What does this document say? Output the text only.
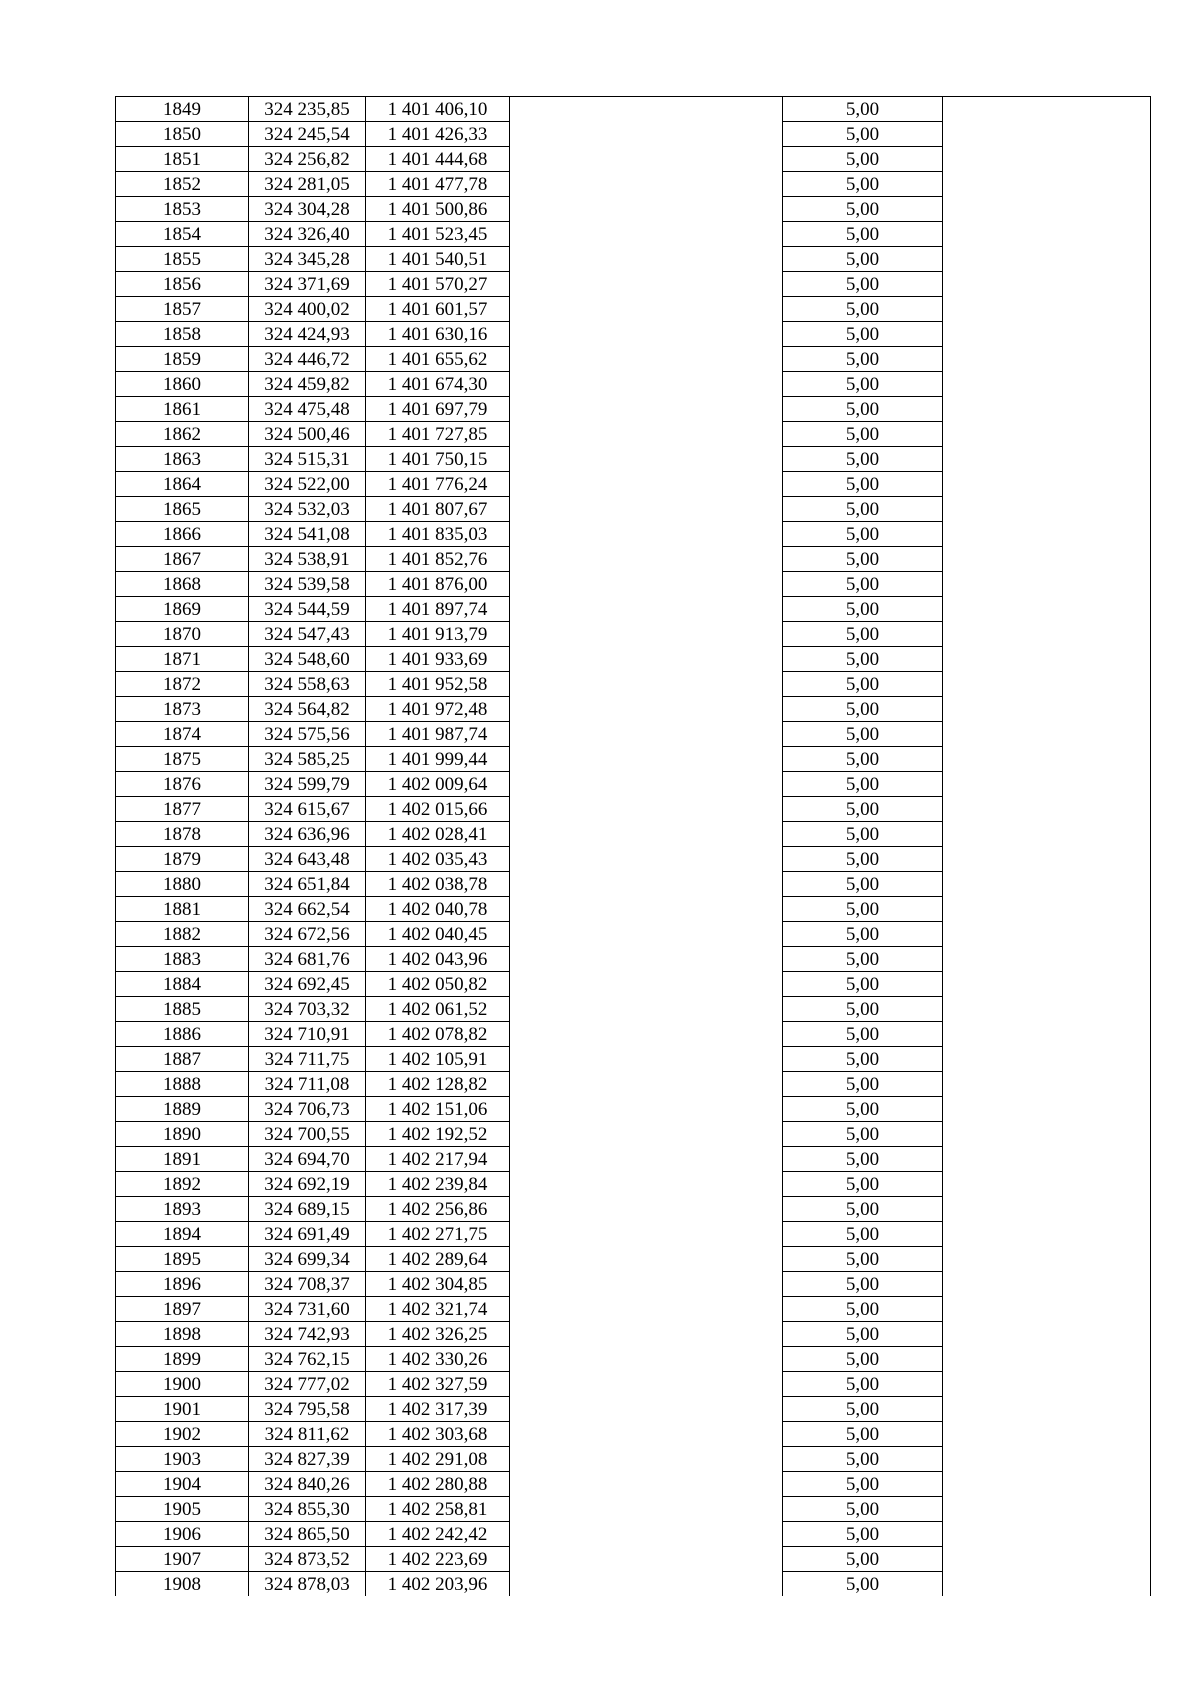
1849	324 235,85	1 401 406,10		5,00	
1850	324 245,54	1 401 426,33		5,00	
1851	324 256,82	1 401 444,68		5,00	
1852	324 281,05	1 401 477,78		5,00	
1853	324 304,28	1 401 500,86		5,00	
1854	324 326,40	1 401 523,45		5,00	
1855	324 345,28	1 401 540,51		5,00	
1856	324 371,69	1 401 570,27		5,00	
1857	324 400,02	1 401 601,57		5,00	
1858	324 424,93	1 401 630,16		5,00	
1859	324 446,72	1 401 655,62		5,00	
1860	324 459,82	1 401 674,30		5,00	
1861	324 475,48	1 401 697,79		5,00	
1862	324 500,46	1 401 727,85		5,00	
1863	324 515,31	1 401 750,15		5,00	
1864	324 522,00	1 401 776,24		5,00	
1865	324 532,03	1 401 807,67		5,00	
1866	324 541,08	1 401 835,03		5,00	
1867	324 538,91	1 401 852,76		5,00	
1868	324 539,58	1 401 876,00		5,00	
1869	324 544,59	1 401 897,74		5,00	
1870	324 547,43	1 401 913,79		5,00	
1871	324 548,60	1 401 933,69		5,00	
1872	324 558,63	1 401 952,58		5,00	
1873	324 564,82	1 401 972,48		5,00	
1874	324 575,56	1 401 987,74		5,00	
1875	324 585,25	1 401 999,44		5,00	
1876	324 599,79	1 402 009,64		5,00	
1877	324 615,67	1 402 015,66		5,00	
1878	324 636,96	1 402 028,41		5,00	
1879	324 643,48	1 402 035,43		5,00	
1880	324 651,84	1 402 038,78		5,00	
1881	324 662,54	1 402 040,78		5,00	
1882	324 672,56	1 402 040,45		5,00	
1883	324 681,76	1 402 043,96		5,00	
1884	324 692,45	1 402 050,82		5,00	
1885	324 703,32	1 402 061,52		5,00	
1886	324 710,91	1 402 078,82		5,00	
1887	324 711,75	1 402 105,91		5,00	
1888	324 711,08	1 402 128,82		5,00	
1889	324 706,73	1 402 151,06		5,00	
1890	324 700,55	1 402 192,52		5,00	
1891	324 694,70	1 402 217,94		5,00	
1892	324 692,19	1 402 239,84		5,00	
1893	324 689,15	1 402 256,86		5,00	
1894	324 691,49	1 402 271,75		5,00	
1895	324 699,34	1 402 289,64		5,00	
1896	324 708,37	1 402 304,85		5,00	
1897	324 731,60	1 402 321,74		5,00	
1898	324 742,93	1 402 326,25		5,00	
1899	324 762,15	1 402 330,26		5,00	
1900	324 777,02	1 402 327,59		5,00	
1901	324 795,58	1 402 317,39		5,00	
1902	324 811,62	1 402 303,68		5,00	
1903	324 827,39	1 402 291,08		5,00	
1904	324 840,26	1 402 280,88		5,00	
1905	324 855,30	1 402 258,81		5,00	
1906	324 865,50	1 402 242,42		5,00	
1907	324 873,52	1 402 223,69		5,00	
1908	324 878,03	1 402 203,96		5,00	
